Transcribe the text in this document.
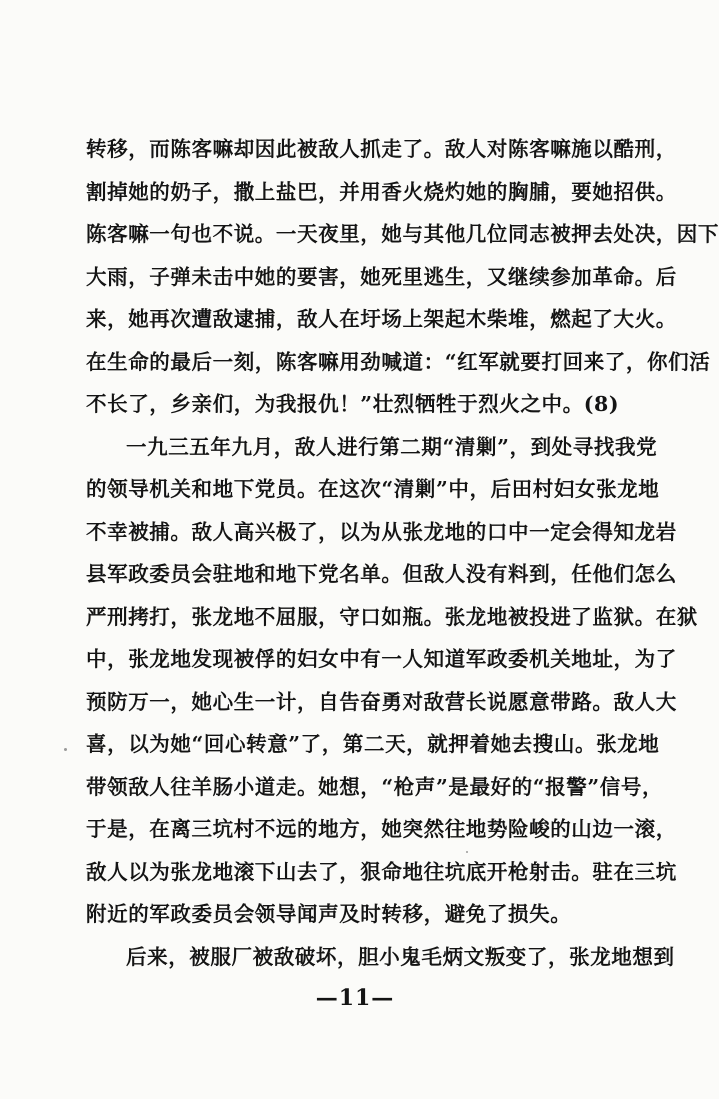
转移，而陈客嘛却因此被敌人抓走了。敌人对陈客嘛施以酷刑，
割掉她的奶子，撒上盐巴，并用香火烧灼她的胸脯，要她招供。
陈客嘛一句也不说。一天夜里，她与其他几位同志被押去处决，因下
大雨，子弹未击中她的要害，她死里逃生，又继续参加革命。后
来，她再次遭敌逮捕，敌人在圩场上架起木柴堆，燃起了大火。
在生命的最后一刻，陈客嘛用劲喊道：“红军就要打回来了，你们活
不长了，乡亲们，为我报仇！”壮烈牺牲于烈火之中。(8)
一九三五年九月，敌人进行第二期“清剿”，到处寻找我党
的领导机关和地下党员。在这次“清剿”中，后田村妇女张龙地
不幸被捕。敌人高兴极了，以为从张龙地的口中一定会得知龙岩
县军政委员会驻地和地下党名单。但敌人没有料到，任他们怎么
严刑拷打，张龙地不屈服，守口如瓶。张龙地被投进了监狱。在狱
中，张龙地发现被俘的妇女中有一人知道军政委机关地址，为了
预防万一，她心生一计，自告奋勇对敌营长说愿意带路。敌人大
喜，以为她“回心转意”了，第二天，就押着她去搜山。张龙地
带领敌人往羊肠小道走。她想，“枪声”是最好的“报警”信号，
于是，在离三坑村不远的地方，她突然往地势险峻的山边一滚，
敌人以为张龙地滚下山去了，狠命地往坑底开枪射击。驻在三坑
附近的军政委员会领导闻声及时转移，避免了损失。
后来，被服厂被敌破坏，胆小鬼毛炳文叛变了，张龙地想到
—11—
